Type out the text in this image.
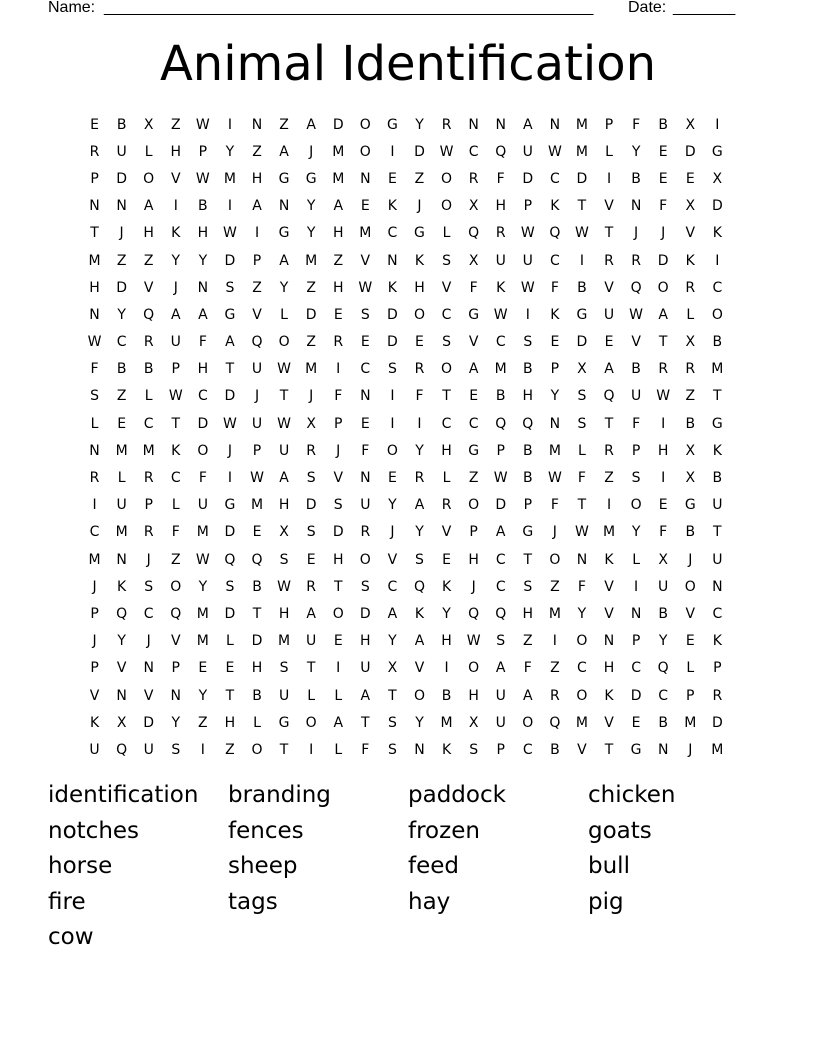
Name: _______________________________________________________ Date: _______
Animal Identification
E	B	X	Z	W	I	N	Z	A	D	O	G	Y	R	N	N	A	N	M	P	F	B	X	I
R	U	L	H	P	Y	Z	A	J	M	O	I	D	W	C	Q	U	W	M	L	Y	E	D	G
P	D	O	V	W	M	H	G	G	M	N	E	Z	O	R	F	D	C	D	I	B	E	E	X
N	N	A	I	B	I	A	N	Y	A	E	K	J	O	X	H	P	K	T	V	N	F	X	D
T	J	H	K	H	W	I	G	Y	H	M	C	G	L	Q	R	W	Q	W	T	J	J	V	K
M	Z	Z	Y	Y	D	P	A	M	Z	V	N	K	S	X	U	U	C	I	R	R	D	K	I
H	D	V	J	N	S	Z	Y	Z	H	W	K	H	V	F	K	W	F	B	V	Q	O	R	C
N	Y	Q	A	A	G	V	L	D	E	S	D	O	C	G	W	I	K	G	U	W	A	L	O
W	C	R	U	F	A	Q	O	Z	R	E	D	E	S	V	C	S	E	D	E	V	T	X	B
F	B	B	P	H	T	U	W	M	I	C	S	R	O	A	M	B	P	X	A	B	R	R	M
S	Z	L	W	C	D	J	T	J	F	N	I	F	T	E	B	H	Y	S	Q	U	W	Z	T
L	E	C	T	D	W	U	W	X	P	E	I	I	C	C	Q	Q	N	S	T	F	I	B	G
N	M	M	K	O	J	P	U	R	J	F	O	Y	H	G	P	B	M	L	R	P	H	X	K
R	L	R	C	F	I	W	A	S	V	N	E	R	L	Z	W	B	W	F	Z	S	I	X	B
I	U	P	L	U	G	M	H	D	S	U	Y	A	R	O	D	P	F	T	I	O	E	G	U
C	M	R	F	M	D	E	X	S	D	R	J	Y	V	P	A	G	J	W	M	Y	F	B	T
M	N	J	Z	W	Q	Q	S	E	H	O	V	S	E	H	C	T	O	N	K	L	X	J	U
J	K	S	O	Y	S	B	W	R	T	S	C	Q	K	J	C	S	Z	F	V	I	U	O	N
P	Q	C	Q	M	D	T	H	A	O	D	A	K	Y	Q	Q	H	M	Y	V	N	B	V	C
J	Y	J	V	M	L	D	M	U	E	H	Y	A	H	W	S	Z	I	O	N	P	Y	E	K
P	V	N	P	E	E	H	S	T	I	U	X	V	I	O	A	F	Z	C	H	C	Q	L	P
V	N	V	N	Y	T	B	U	L	L	A	T	O	B	H	U	A	R	O	K	D	C	P	R
K	X	D	Y	Z	H	L	G	O	A	T	S	Y	M	X	U	O	Q	M	V	E	B	M	D
U	Q	U	S	I	Z	O	T	I	L	F	S	N	K	S	P	C	B	V	T	G	N	J	M
identification	branding	paddock	chicken
notches	fences	frozen	goats
horse	sheep	feed	bull
fire	tags	hay	pig
cow
